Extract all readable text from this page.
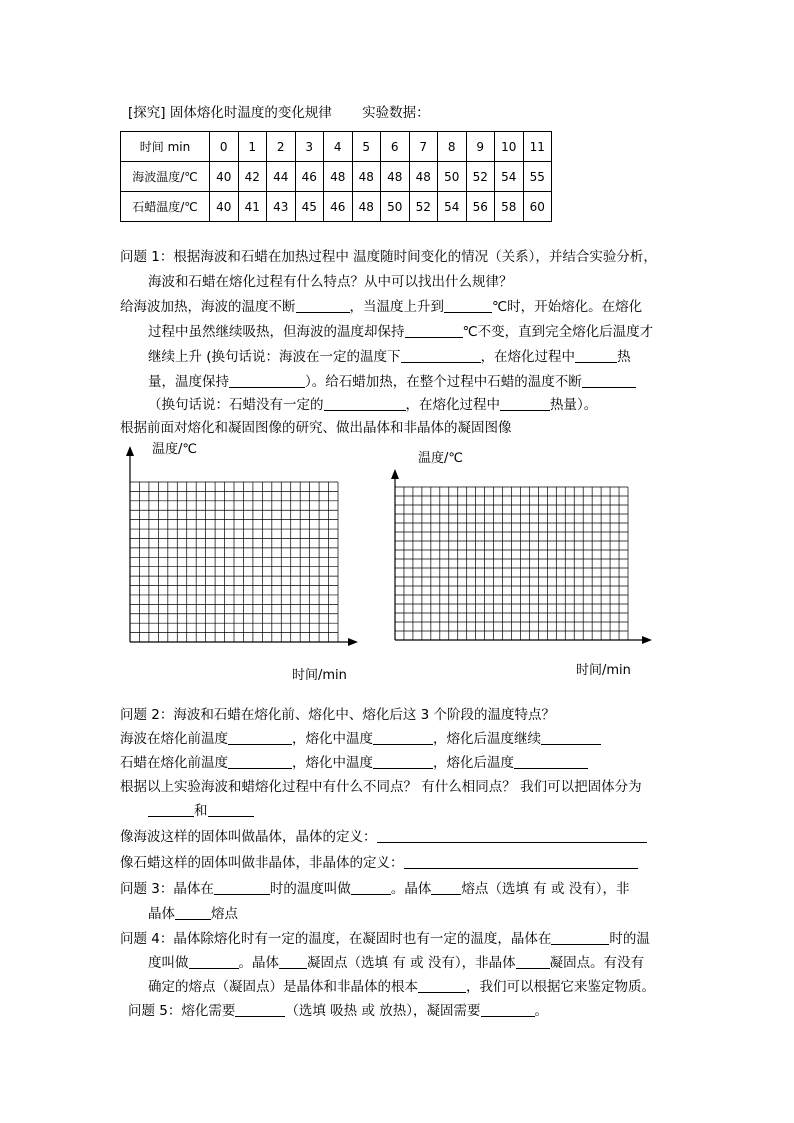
[探究] 固体熔化时温度的变化规律 实验数据：
时间 min	0	1	2	3	4	5	6	7	8	9	10	11
海波温度/℃	40	42	44	46	48	48	48	48	50	52	54	55
石蜡温度/℃	40	41	43	45	46	48	50	52	54	56	58	60
问题 1：根据海波和石蜡在加热过程中 温度随时间变化的情况（关系），并结合实验分析，
海波和石蜡在熔化过程有什么特点？从中可以找出什么规律？
给海波加热，海波的温度不断	，当温度上升到	℃时，开始熔化。在熔化
过程中虽然继续吸热，但海波的温度却保持	℃不变，直到完全熔化后温度才
继续上升 (换句话说：海波在一定的温度下	，在熔化过程中	热
量，温度保持	）。给石蜡加热，在整个过程中石蜡的温度不断
（换句话说：石蜡没有一定的	，在熔化过程中	热量）。
根据前面对熔化和凝固图像的研究、做出晶体和非晶体的凝固图像
温度/℃
时间/min
温度/℃
时间/min
问题 2：海波和石蜡在熔化前、熔化中、熔化后这 3 个阶段的温度特点？
海波在熔化前温度	，熔化中温度	，熔化后温度继续
石蜡在熔化前温度	，熔化中温度	，熔化后温度
根据以上实验海波和蜡熔化过程中有什么不同点？ 有什么相同点？ 我们可以把固体分为
和
像海波这样的固体叫做晶体，晶体的定义：
像石蜡这样的固体叫做非晶体，非晶体的定义：
问题 3：晶体在	时的温度叫做	。晶体 熔点（选填 有 或 没有），非
晶体	熔点
问题 4：晶体除熔化时有一定的温度，在凝固时也有一定的温度，晶体在	时的温
度叫做	。晶体 凝固点（选填 有 或 没有），非晶体	凝固点。有没有
确定的熔点（凝固点）是晶体和非晶体的根本	，我们可以根据它来鉴定物质。
问题 5：熔化需要	（选填 吸热 或 放热），凝固需要	。
